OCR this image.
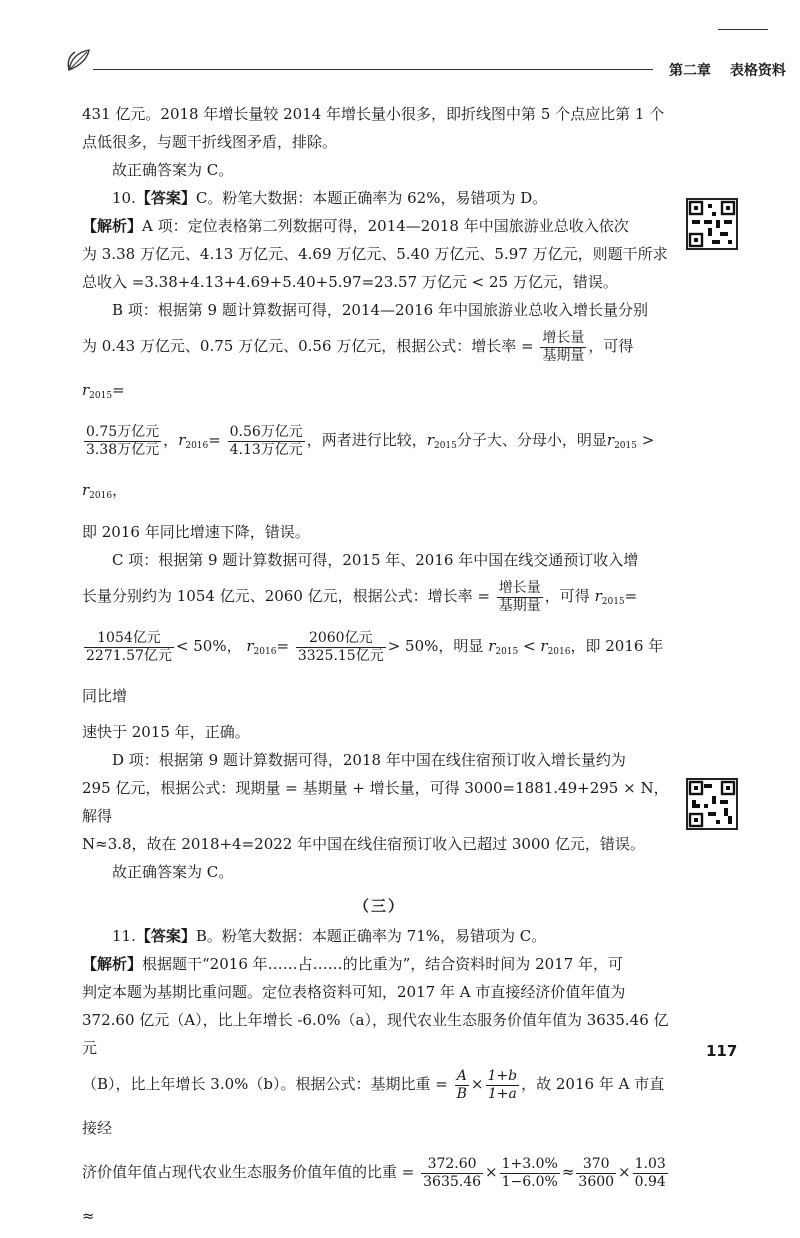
第二章 表格资料

431 亿元。2018 年增长量较 2014 年增长量小很多，即折线图中第 5 个点应比第 1 个

点低很多，与题干折线图矛盾，排除。

故正确答案为 C。

10.【答案】C。粉笔大数据：本题正确率为 62%，易错项为 D。

【解析】A 项：定位表格第二列数据可得，2014—2018 年中国旅游业总收入依次

为 3.38 万亿元、4.13 万亿元、4.69 万亿元、5.40 万亿元、5.97 万亿元，则题干所求

总收入 =3.38+4.13+4.69+5.40+5.97=23.57 万亿元 < 25 万亿元，错误。

B 项：根据第 9 题计算数据可得，2014—2016 年中国旅游业总收入增长量分别

为 0.43 万亿元、0.75 万亿元、0.56 万亿元，根据公式：增长率 = $\frac{\text{增长量}}{\text{基期量}}$ ，可得 $r_{2015}=$

$\frac{\text{0.75万亿元}}{\text{3.38万亿元}}$ ，$r_{2016}= \frac{\text{0.56万亿元}}{\text{4.13万亿元}}$ ，两者进行比较，$r_{2015}$分子大、分母小，明显$r_{2015} > r_{2016}$，

即 2016 年同比增速下降，错误。

C 项：根据第 9 题计算数据可得，2015 年、2016 年中国在线交通预订收入增

长量分别约为 1054 亿元、2060 亿元，根据公式：增长率 = $\frac{\text{增长量}}{\text{基期量}}$ ，可得 $r_{2015}=$

$\frac{\text{1054亿元}}{\text{2271.57亿元}} < 50\%$， $r_{2016}= \frac{\text{2060亿元}}{\text{3325.15亿元}} > 50\%$，明显 $r_{2015} < r_{2016}$，即 2016 年同比增

速快于 2015 年，正确。

D 项：根据第 9 题计算数据可得，2018 年中国在线住宿预订收入增长量约为

295 亿元，根据公式：现期量 = 基期量 + 增长量，可得 3000=1881.49+295 × N，解得

N≈3.8，故在 2018+4=2022 年中国在线住宿预订收入已超过 3000 亿元，错误。

故正确答案为 C。

（三）

11.【答案】B。粉笔大数据：本题正确率为 71%，易错项为 C。

【解析】根据题干“2016 年……占……的比重为”，结合资料时间为 2017 年，可

判定本题为基期比重问题。定位表格资料可知，2017 年 A 市直接经济价值年值为

372.60 亿元（A），比上年增长 -6.0%（a），现代农业生态服务价值年值为 3635.46 亿元

（B），比上年增长 3.0%（b）。根据公式：基期比重 = $\frac{A}{B} \times \frac{1+b}{1+a}$ ，故 2016 年 A 市直接经

济价值年值占现代农业生态服务价值年值的比重 = $\frac{372.60}{3635.46} \times \frac{1+3.0\%}{1-6.0\%} \approx \frac{370}{3600} \times \frac{1.03}{0.94}$
≈

117
